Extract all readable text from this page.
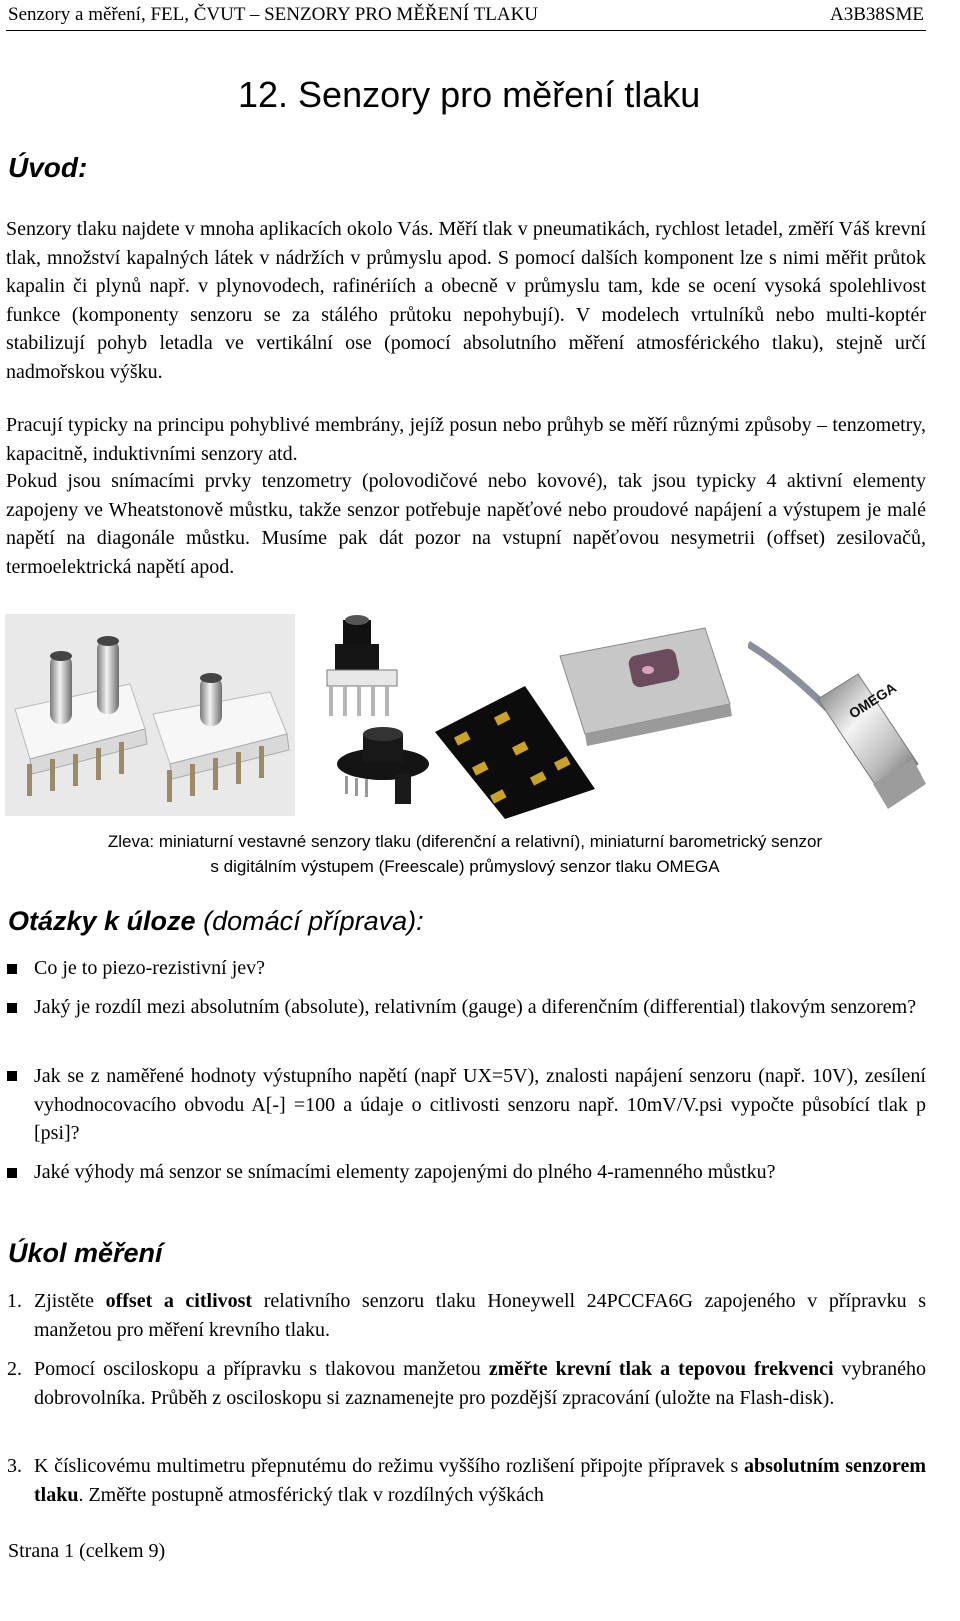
Senzory a měření, FEL, ČVUT – SENZORY PRO MĚŘENÍ TLAKU	A3B38SME
12. Senzory pro měření tlaku
Úvod:

Senzory tlaku najdete v mnoha aplikacích okolo Vás. Měří tlak v pneumatikách, rychlost letadel, změří Váš krevní tlak, množství kapalných látek v nádržích v průmyslu apod. S pomocí dalších komponent lze s nimi měřit průtok kapalin či plynů např. v plynovodech, rafinériích a obecně v průmyslu tam, kde se ocení vysoká spolehlivost funkce (komponenty senzoru se za stálého průtoku nepohybují). V modelech vrtulníků nebo multi-koptér stabilizují pohyb letadla ve vertikální ose (pomocí absolutního měření atmosférického tlaku), stejně určí nadmořskou výšku.

Pracují typicky na principu pohyblivé membrány, jejíž posun nebo průhyb se měří různými způsoby – tenzometry, kapacitně, induktivními senzory atd.

Pokud jsou snímacími prvky tenzometry (polovodičové nebo kovové), tak jsou typicky 4 aktivní elementy zapojeny ve Wheatstonově můstku, takže senzor potřebuje napěťové nebo proudové napájení a výstupem je malé napětí na diagonále můstku. Musíme pak dát pozor na vstupní napěťovou nesymetrii (offset) zesilovačů, termoelektrická napětí apod.

OMEGA
Zleva: miniaturní vestavné senzory tlaku (diferenční a relativní), miniaturní barometrický senzor
s digitálním výstupem (Freescale) průmyslový senzor tlaku OMEGA
Otázky k úloze (domácí příprava):
Co je to piezo-rezistivní jev?
Jaký je rozdíl mezi absolutním (absolute), relativním (gauge) a diferenčním (differential) tlakovým senzorem?
Jak se z naměřené hodnoty výstupního napětí (např UX=5V), znalosti napájení senzoru (např. 10V), zesílení vyhodnocovacího obvodu A[-] =100 a údaje o citlivosti senzoru např. 10mV/V.psi vypočte působící tlak p [psi]?
Jaké výhody má senzor se snímacími elementy zapojenými do plného 4-ramenného můstku?
Úkol měření
1. Zjistěte offset a citlivost relativního senzoru tlaku Honeywell 24PCCFA6G zapojeného v přípravku s manžetou pro měření krevního tlaku.
2. Pomocí osciloskopu a přípravku s tlakovou manžetou změřte krevní tlak a tepovou frekvenci vybraného dobrovolníka. Průběh z osciloskopu si zaznamenejte pro pozdější zpracování (uložte na Flash-disk).
3. K číslicovému multimetru přepnutému do režimu vyššího rozlišení připojte přípravek s absolutním senzorem tlaku. Změřte postupně atmosférický tlak v rozdílných výškách
Strana 1 (celkem 9)
